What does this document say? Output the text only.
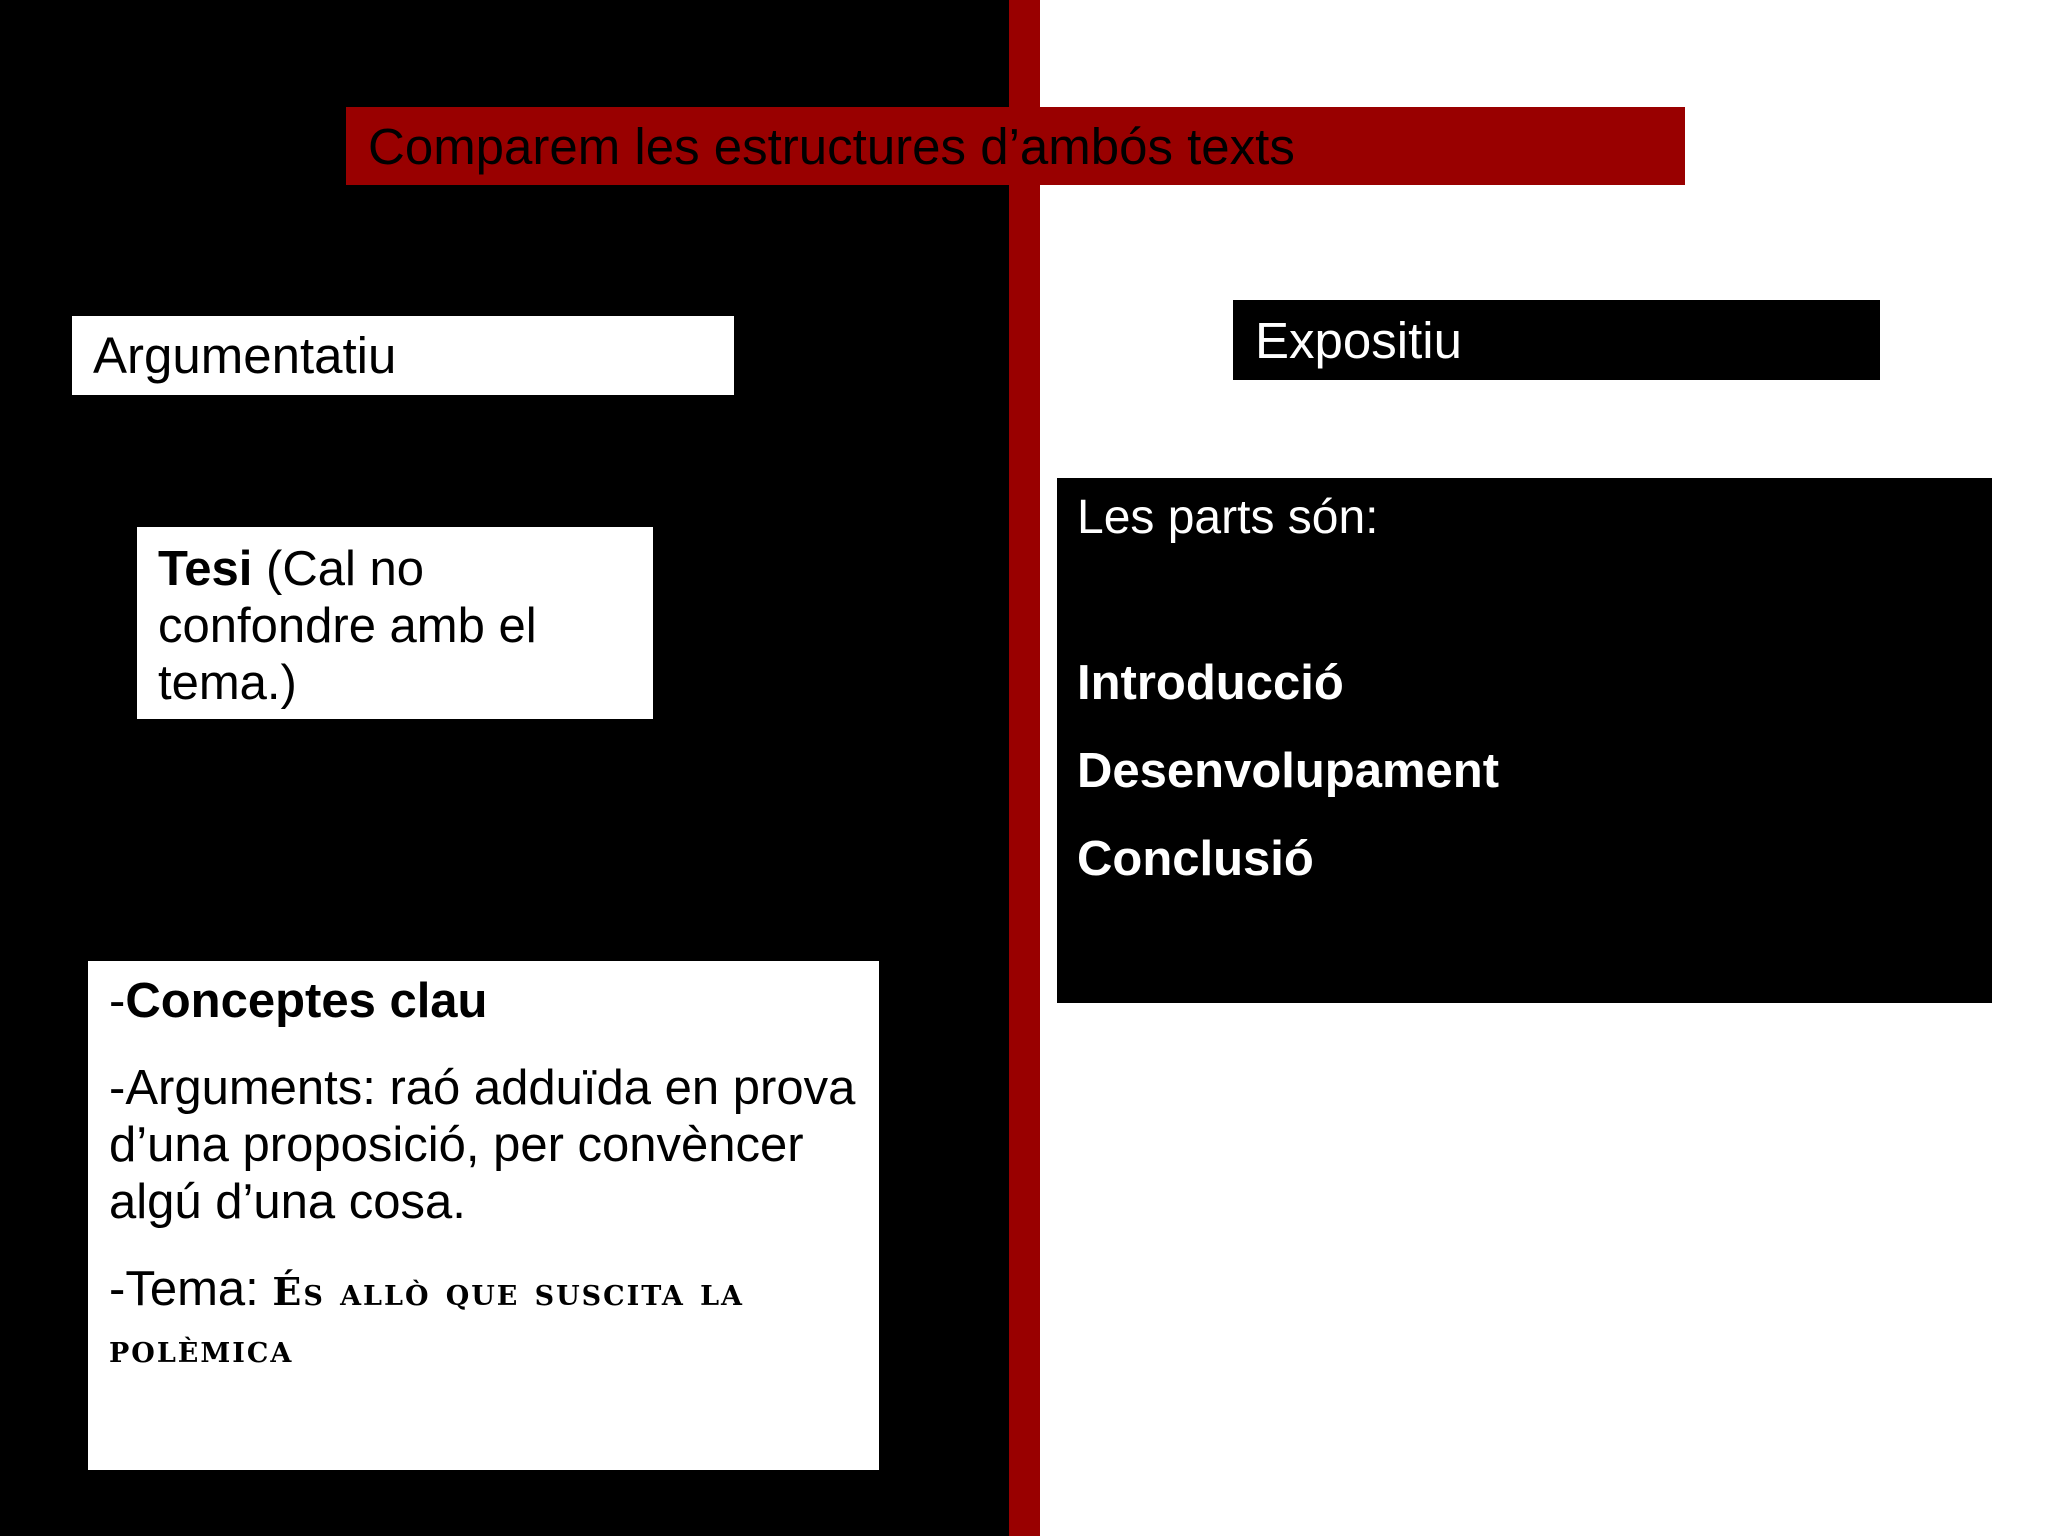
Comparem les estructures d’ambós texts
Argumentatiu	Expositiu
Tesi (Cal no confondre amb el tema.)
Les parts són:
Introducció
Desenvolupament
Conclusió
-Conceptes clau
-Arguments: raó adduïda en prova d’una proposició, per convèncer algú d’una cosa.
-Tema: És allò que suscita la polèmica
